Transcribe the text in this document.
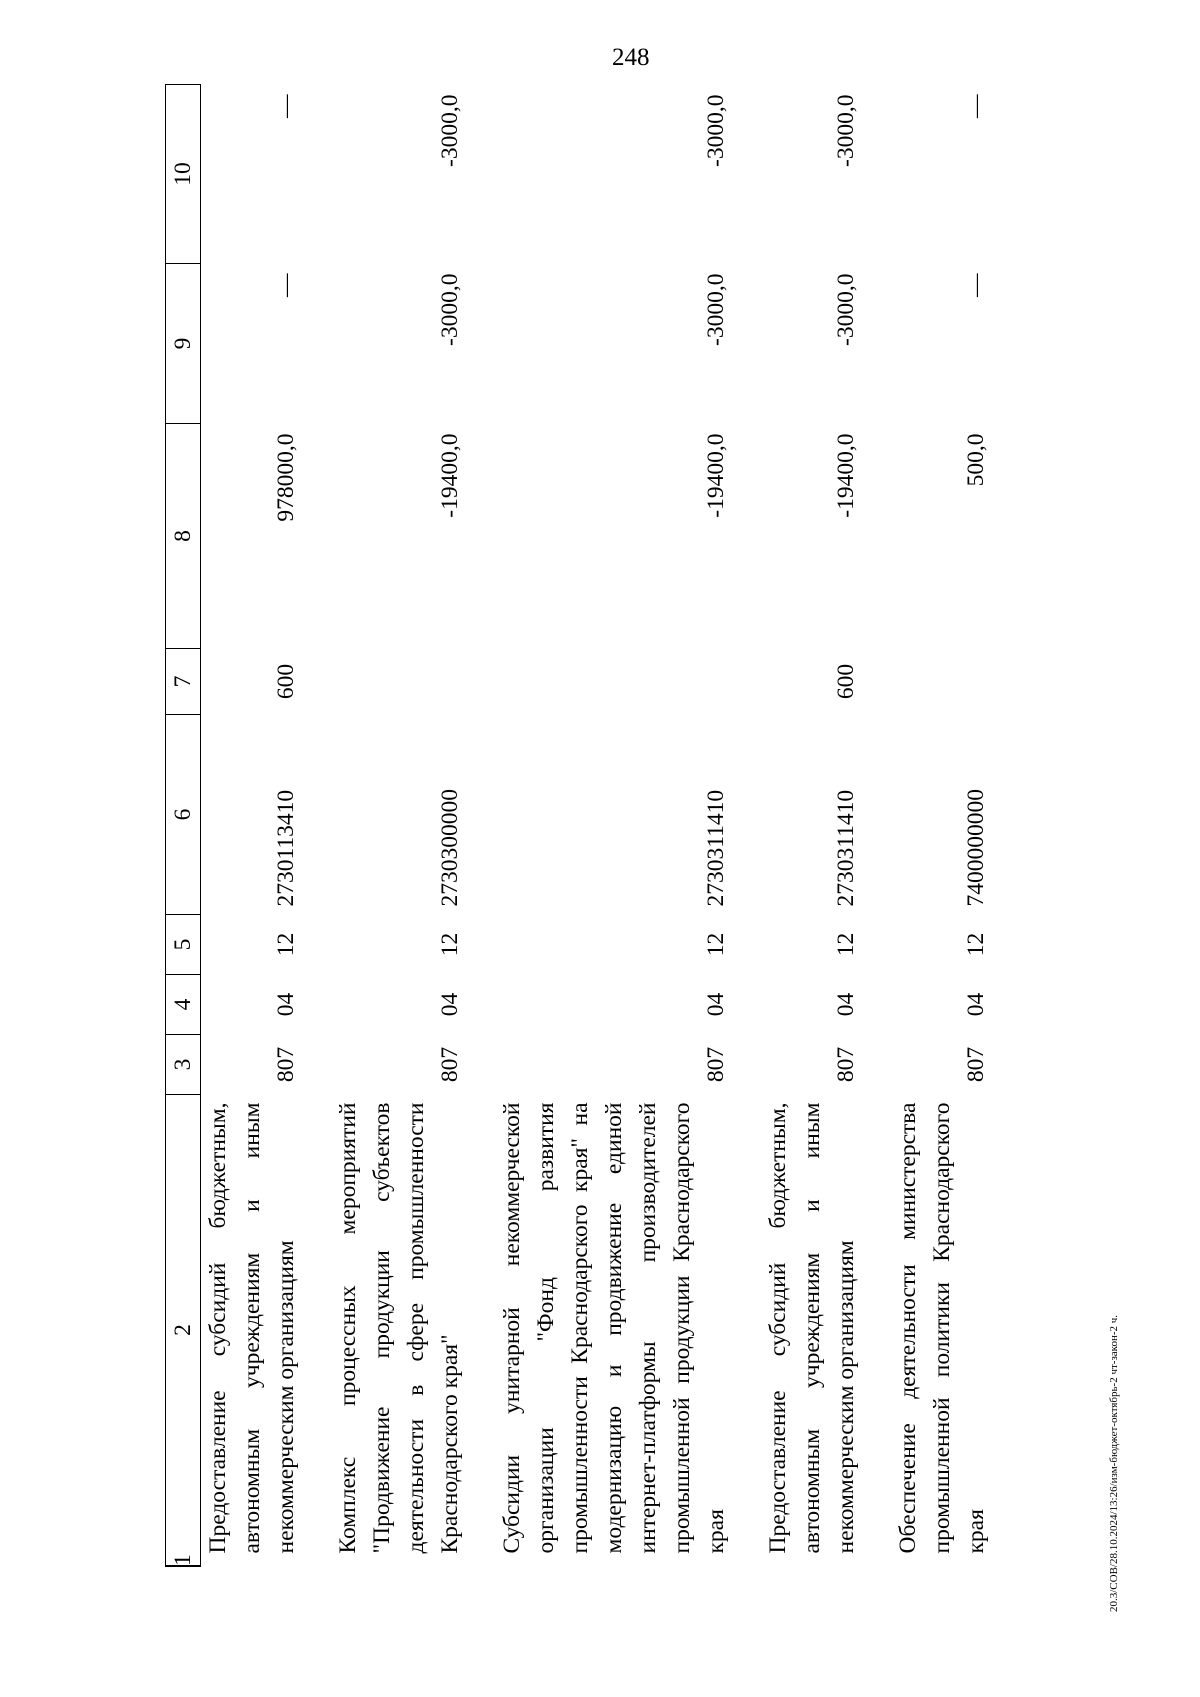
248
20.3/СОВ/28.10.2024/13:26/изм-бюджет-октябрь-2 чт-закон-2 ч.
1	2	3	4	5	6	7	8	9	10
	Предоставление субсидий бюджетным, автономным учреждениям и иным некоммерческим организациям	807	04	12	2730113410	600	978000,0	—	—
	Комплекс процессных мероприятий "Продвижение продукции субъектов деятельности в сфере промышленности Краснодарского края"	807	04	12	2730300000		-19400,0	-3000,0	-3000,0
	Субсидии унитарной некоммерческой организации "Фонд развития промышленности Краснодарского края" на модернизацию и продвижение единой интернет-платформы производителей промышленной продукции Краснодарского края	807	04	12	2730311410		-19400,0	-3000,0	-3000,0
	Предоставление субсидий бюджетным, автономным учреждениям и иным некоммерческим организациям	807	04	12	2730311410	600	-19400,0	-3000,0	-3000,0
	Обеспечение деятельности министерства промышленной политики Краснодарского края	807	04	12	7400000000		500,0	—	—
